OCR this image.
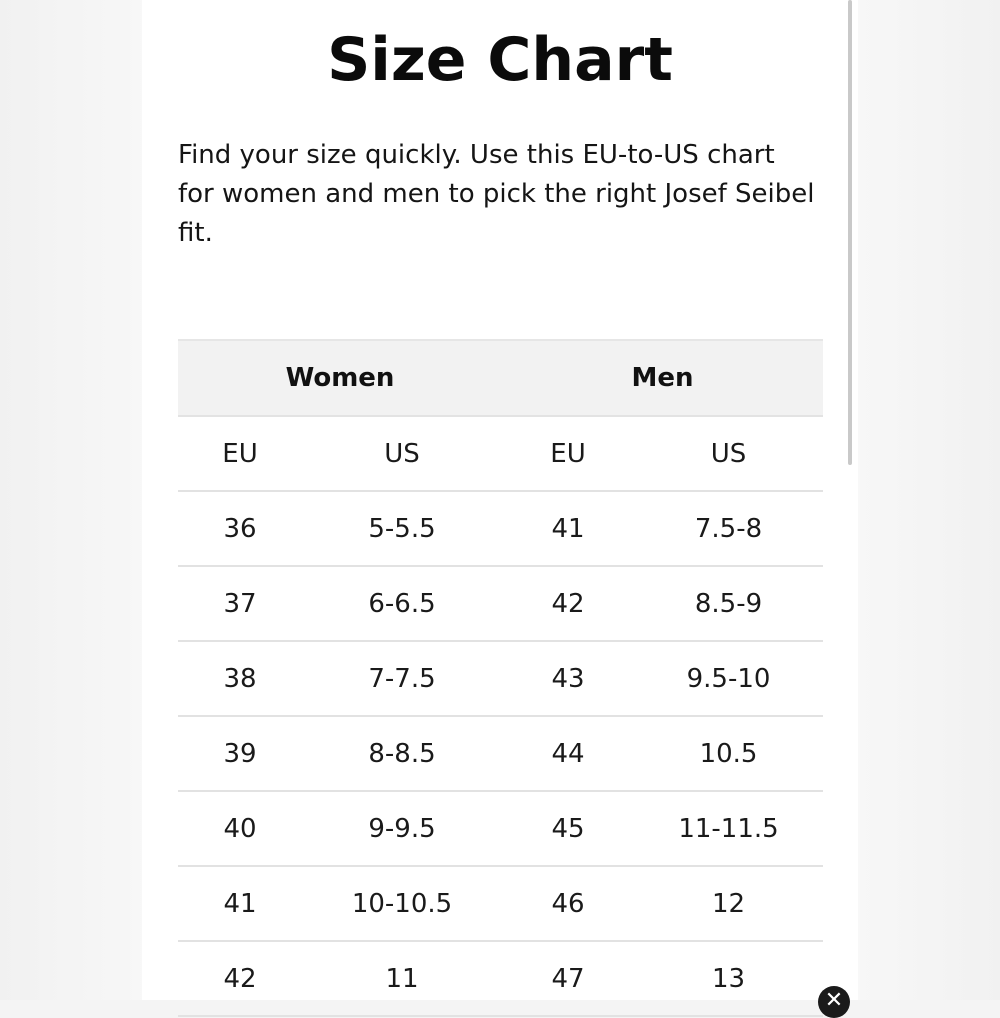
Size Chart
Find your size quickly. Use this EU-to-US chart for women and men to pick the right Josef Seibel fit.
Women		Men	
EU	US	EU	US
36	5-5.5	41	7.5-8
37	6-6.5	42	8.5-9
38	7-7.5	43	9.5-10
39	8-8.5	44	10.5
40	9-9.5	45	11-11.5
41	10-10.5	46	12
42	11	47	13
✕
